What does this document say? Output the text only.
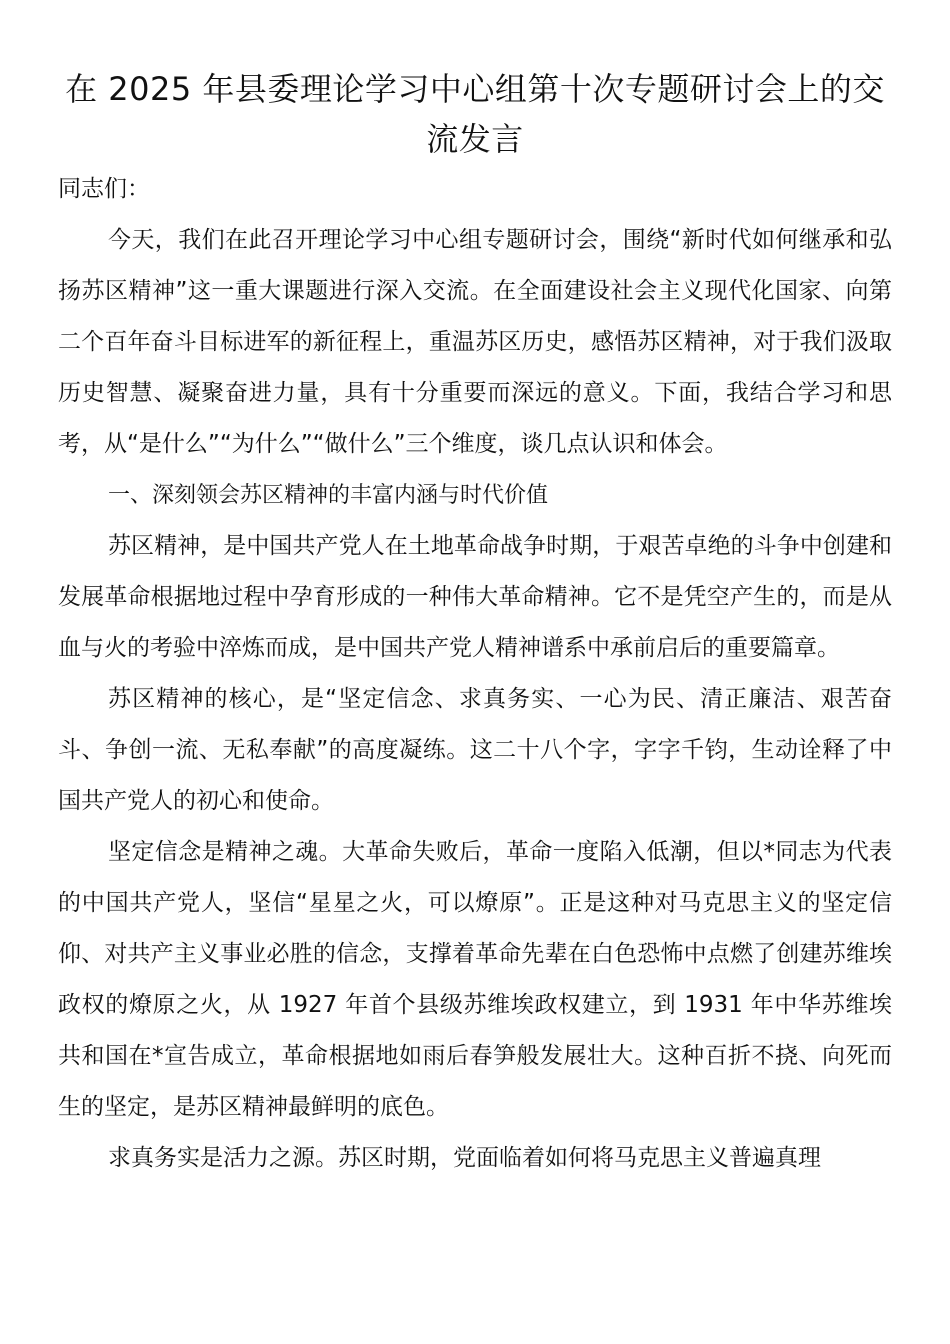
在 2025 年县委理论学习中心组第十次专题研讨会上的交流发言

同志们：

今天，我们在此召开理论学习中心组专题研讨会，围绕“新时代如何继承和弘扬苏区精神”这一重大课题进行深入交流。在全面建设社会主义现代化国家、向第二个百年奋斗目标进军的新征程上，重温苏区历史，感悟苏区精神，对于我们汲取历史智慧、凝聚奋进力量，具有十分重要而深远的意义。下面，我结合学习和思考，从“是什么”“为什么”“做什么”三个维度，谈几点认识和体会。

一、深刻领会苏区精神的丰富内涵与时代价值

苏区精神，是中国共产党人在土地革命战争时期，于艰苦卓绝的斗争中创建和发展革命根据地过程中孕育形成的一种伟大革命精神。它不是凭空产生的，而是从血与火的考验中淬炼而成，是中国共产党人精神谱系中承前启后的重要篇章。

苏区精神的核心，是“坚定信念、求真务实、一心为民、清正廉洁、艰苦奋斗、争创一流、无私奉献”的高度凝练。这二十八个字，字字千钧，生动诠释了中国共产党人的初心和使命。

坚定信念是精神之魂。大革命失败后，革命一度陷入低潮，但以*同志为代表的中国共产党人，坚信“星星之火，可以燎原”。正是这种对马克思主义的坚定信仰、对共产主义事业必胜的信念，支撑着革命先辈在白色恐怖中点燃了创建苏维埃政权的燎原之火，从 1927 年首个县级苏维埃政权建立，到 1931 年中华苏维埃共和国在*宣告成立，革命根据地如雨后春笋般发展壮大。这种百折不挠、向死而生的坚定，是苏区精神最鲜明的底色。

求真务实是活力之源。苏区时期，党面临着如何将马克思主义普遍真理
